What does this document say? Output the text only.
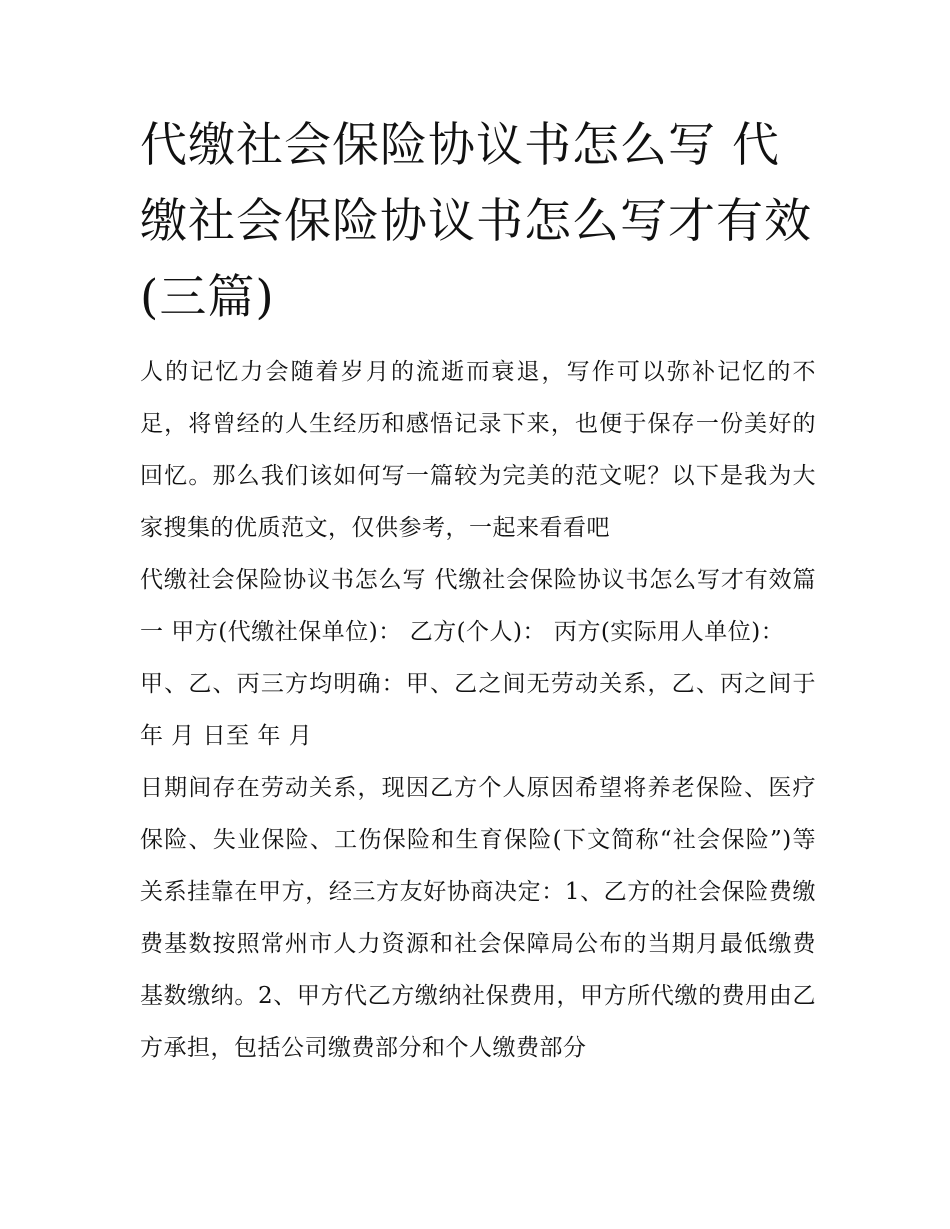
代缴社会保险协议书怎么写 代缴社会保险协议书怎么写才有效(三篇)

人的记忆力会随着岁月的流逝而衰退，写作可以弥补记忆的不足，将曾经的人生经历和感悟记录下来，也便于保存一份美好的回忆。那么我们该如何写一篇较为完美的范文呢？以下是我为大家搜集的优质范文，仅供参考，一起来看看吧

代缴社会保险协议书怎么写 代缴社会保险协议书怎么写才有效篇一 甲方(代缴社保单位)： 乙方(个人)： 丙方(实际用人单位)：

甲、乙、丙三方均明确：甲、乙之间无劳动关系，乙、丙之间于 年 月 日至 年 月

日期间存在劳动关系，现因乙方个人原因希望将养老保险、医疗保险、失业保险、工伤保险和生育保险(下文简称“社会保险”)等关系挂靠在甲方，经三方友好协商决定：1、乙方的社会保险费缴费基数按照常州市人力资源和社会保障局公布的当期月最低缴费基数缴纳。2、甲方代乙方缴纳社保费用，甲方所代缴的费用由乙方承担，包括公司缴费部分和个人缴费部分
